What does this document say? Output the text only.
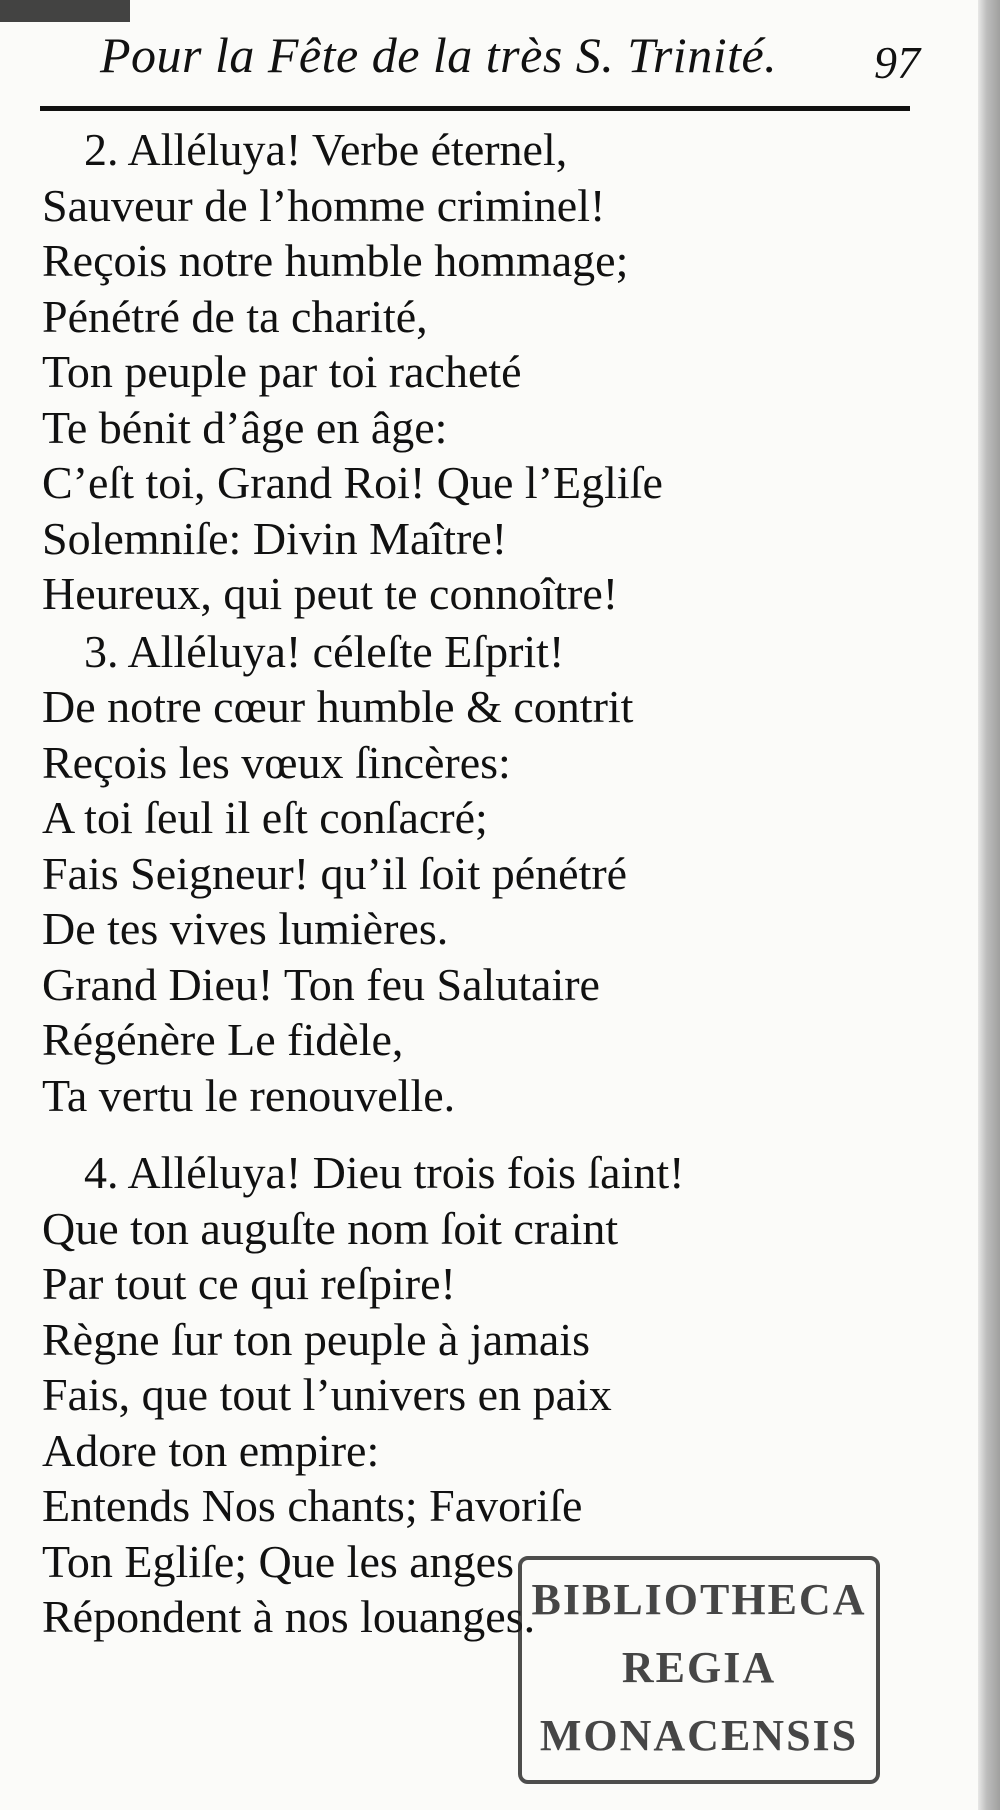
Pour la Fête de la très S. Trinité. 97
2. Alléluya! Verbe éternel,
Sauveur de l’homme criminel!
Reçois notre humble hommage;
Pénétré de ta charité,
Ton peuple par toi racheté
Te bénit d’âge en âge:
C’eſt toi, Grand Roi! Que l’Egliſe
Solemniſe: Divin Maître!
Heureux, qui peut te connoître!
3. Alléluya! céleſte Eſprit!
De notre cœur humble & contrit
Reçois les vœux ſincères:
A toi ſeul il eſt conſacré;
Fais Seigneur! qu’il ſoit pénétré
De tes vives lumières.
Grand Dieu! Ton feu Salutaire
Régénère Le fidèle,
Ta vertu le renouvelle.
4. Alléluya! Dieu trois fois ſaint!
Que ton auguſte nom ſoit craint
Par tout ce qui reſpire!
Règne ſur ton peuple à jamais
Fais, que tout l’univers en paix
Adore ton empire:
Entends Nos chants; Favoriſe
Ton Egliſe; Que les anges
Répondent à nos louanges.
BIBLIOTHECA
REGIA
MONACENSIS
